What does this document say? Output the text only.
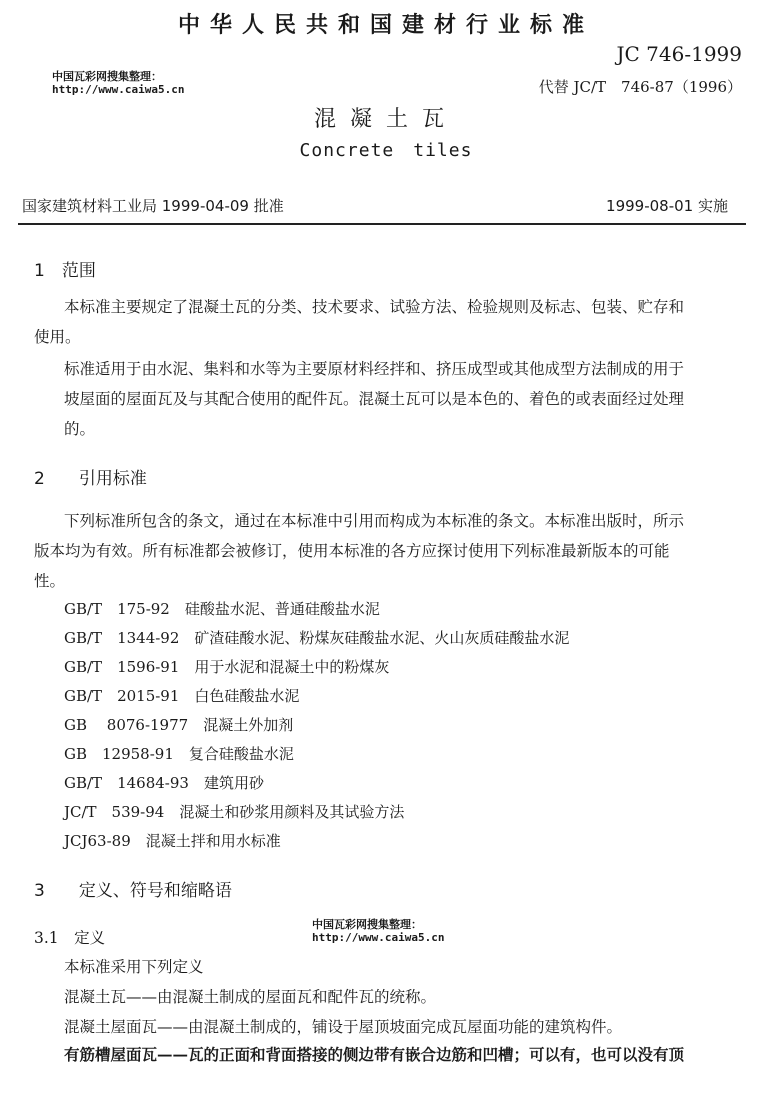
中华人民共和国建材行业标准
JC 746-1999
代替 JC/T　746-87（1996）
中国瓦彩网搜集整理：
http://www.caiwa5.cn
混凝土瓦
Concrete　tiles
国家建筑材料工业局 1999-04-09 批准	1999-08-01 实施
1　范围
本标准主要规定了混凝土瓦的分类、技术要求、试验方法、检验规则及标志、包装、贮存和
使用。
标准适用于由水泥、集料和水等为主要原材料经拌和、挤压成型或其他成型方法制成的用于
坡屋面的屋面瓦及与其配合使用的配件瓦。混凝土瓦可以是本色的、着色的或表面经过处理
的。
2　　引用标准
下列标准所包含的条文，通过在本标准中引用而构成为本标准的条文。本标准出版时，所示
版本均为有效。所有标准都会被修订，使用本标准的各方应探讨使用下列标准最新版本的可能
性。
GB/T　175-92　 硅酸盐水泥、普通硅酸盐水泥
GB/T　1344-92　 矿渣硅酸水泥、粉煤灰硅酸盐水泥、火山灰质硅酸盐水泥
GB/T　1596-91　 用于水泥和混凝土中的粉煤灰
GB/T　2015-91　 白色硅酸盐水泥
GB　 8076-1977　 混凝土外加剂
GB　12958-91　 复合硅酸盐水泥
GB/T　14684-93　 建筑用砂
JC/T　539-94　 混凝土和砂浆用颜料及其试验方法
JCJ63-89　 混凝土拌和用水标准
3　　定义、符号和缩略语
中国瓦彩网搜集整理：
http://www.caiwa5.cn
3.1　定义
本标准采用下列定义
混凝土瓦——由混凝土制成的屋面瓦和配件瓦的统称。
混凝土屋面瓦——由混凝土制成的，铺设于屋顶坡面完成瓦屋面功能的建筑构件。
有筋槽屋面瓦——瓦的正面和背面搭接的侧边带有嵌合边筋和凹槽；可以有，也可以没有顶
